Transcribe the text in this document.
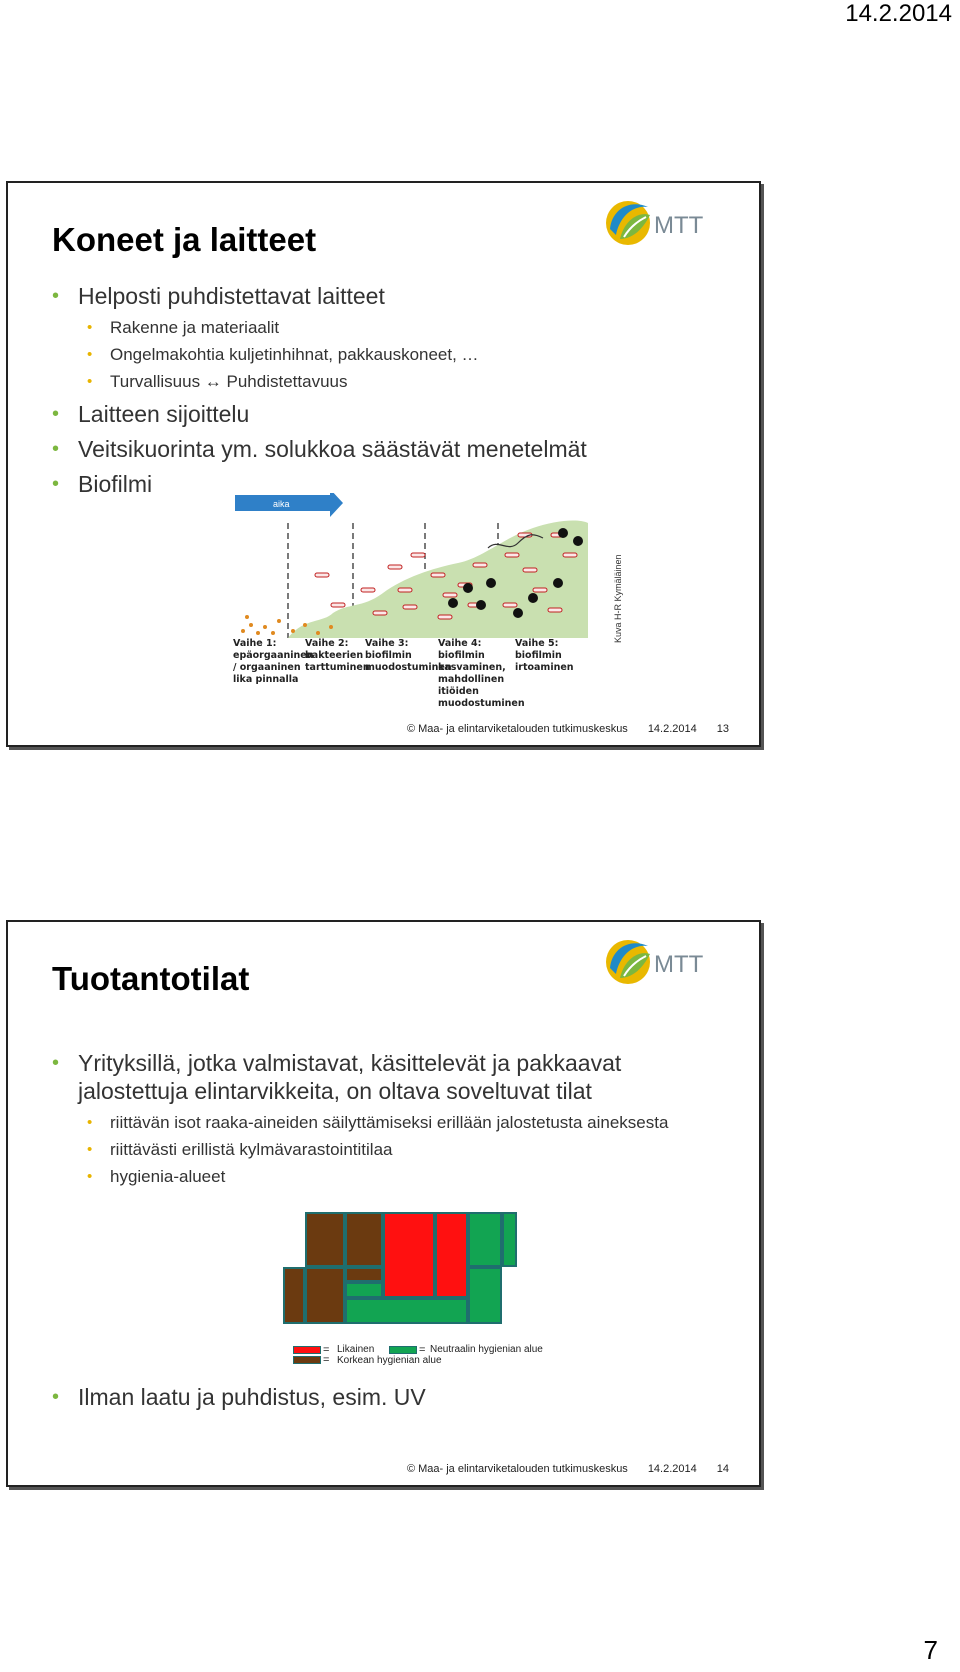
14.2.2014
MTT
Koneet ja laitteet
• Helposti puhdistettavat laitteet
• Rakenne ja materiaalit
• Ongelmakohtia kuljetinhihnat, pakkauskoneet, …
• Turvallisuus ↔ Puhdistettavuus
• Laitteen sijoittelu
• Veitsikuorinta ym. solukkoa säästävät menetelmät
• Biofilmi
aika
Vaihe 1:
epäorgaaninen
/ orgaaninen
lika pinnalla
Vaihe 2:
bakteerien
tarttuminen
Vaihe 3:
biofilmin
muodostuminen
Vaihe 4:
biofilmin
kasvaminen,
mahdollinen
itiöiden
muodostuminen
Vaihe 5:
biofilmin
irtoaminen
Kuva H-R Kymäläinen
© Maa- ja elintarviketalouden tutkimuskeskus 14.2.2014 13
MTT
Tuotantotilat
• Yrityksillä, jotka valmistavat, käsittelevät ja pakkaavat jalostettuja elintarvikkeita, on oltava soveltuvat tilat
• riittävän isot raaka-aineiden säilyttämiseksi erillään jalostetusta aineksesta
• riittävästi erillistä kylmävarastointitilaa
• hygienia-alueet
=
=
Likainen
Korkean hygienian alue
= Neutraalin hygienian alue
• Ilman laatu ja puhdistus, esim. UV
© Maa- ja elintarviketalouden tutkimuskeskus 14.2.2014 14
7
